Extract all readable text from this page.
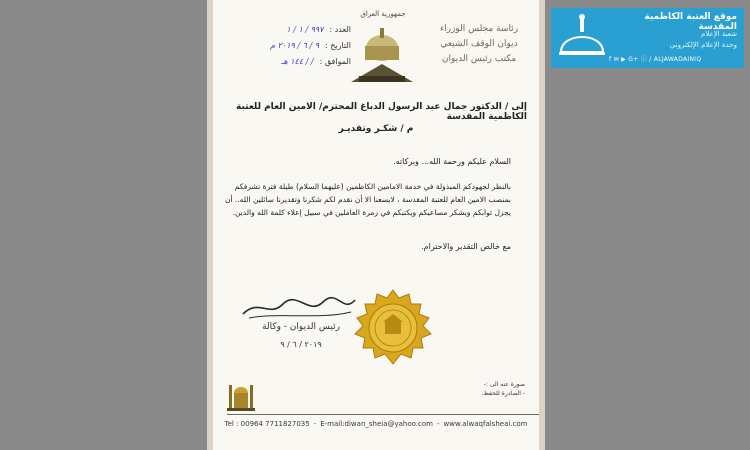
جمهورية العراق
رئاسة مجلس الوزراء
ديوان الوقف الشيعي
مكتب رئيس الديوان
العدد :
٩٩٧ / ١ / ١
التاريخ :
٩ / ٦ / ٢٠١٩ م
الموافق :
/ / ١٤٤ هـ
إلى / الدكتور جمال عبد الرسول الدباغ المحترم/ الامين العام للعتبة الكاظمية المقدسة
م / شكـر وتقديـر
السلام عليكم ورحمة الله... وبركاته.
بالنظر لجهودكم المبذولة في خدمة الامامين الكاظمين (عليهما السلام) طيلة فترة تشرفكم بمنصب الامين العام للعتبة المقدسة ، لايسعنا الا أن نقدم لكم شكرنا وتقديرنا سائلين الله.. أن يجزل ثوابكم ويشكر مساعيكم ويكتبكم في زمرة العاملين في سبيل إعلاء كلمة الله والدين.
مع خالص التقدير والاحترام.
رئيس الديوان - وكالة
٢٠١٩ / ٦ / ٩
صورة عنه الى :-
- الصادرة للحفظ.
Tel : 00964 7711827035 - E-mail:diwan_sheia@yahoo.com - www.alwaqfalsheai.com
موقع العتبة الكاظمية المقدسة
شعبة الإعلام
وحدة الإعلام الإلكتروني
f ✉ ▶ G+ ⓘ / ALJAWADAINIQ
